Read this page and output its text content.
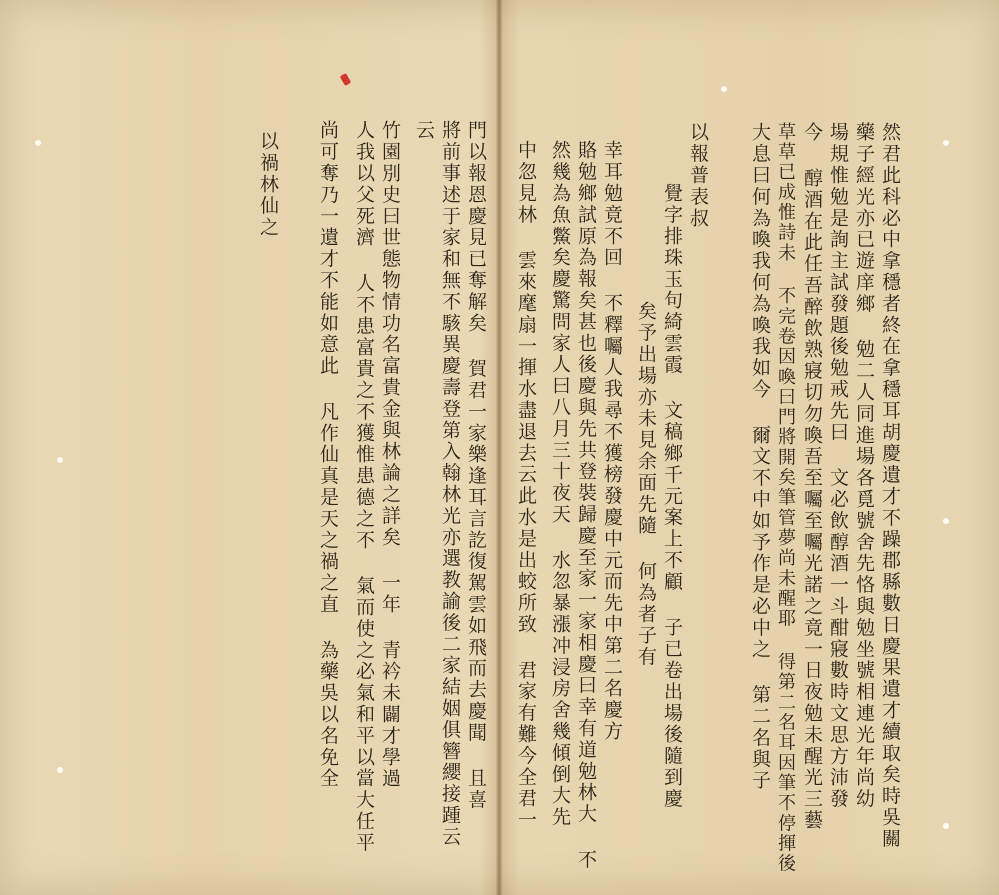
然君此科必中拿穩者終在拿穩耳胡慶遺才不躁郡縣數日慶果遺才續取矣時吳關
藥子經光亦已遊庠鄉 勉二人同進場各覓號舍先恪與勉坐號相連光年尚幼
場規惟勉是詢主試發題後勉戒先曰 文必飲醇酒一斗酣寢數時文思方沛發
今 醇酒在此任吾醉飲熟寢切勿喚吾至囑至囑光諾之竟一日夜勉未醒光三藝
草草已成惟詩未 不完卷因喚曰門將開矣筆管夢尚未醒耶 得第二名耳因筆不停揮後
大息曰何為喚我何為喚我如今 爾文不中如予作是必中之 第二名與子
以報普表叔
覺字排珠玉句綺雲霞 文稿鄉千元案上不顧 子已卷出場後隨到慶
矣予出場亦未見余面先隨 何為者子有
幸耳勉竟不回 不釋囑人我尋不獲榜發慶中元而先中第二名慶方
賂勉鄉試原為報矣甚也後慶與先共登裝歸慶至家一家相慶曰幸有道勉林大 不
然幾為魚鱉矣慶驚問家人曰八月三十夜天 水忽暴漲冲浸房舍幾傾倒大先
中忽見林 雲來麾扇一揮水盡退去云此水是出蛟所致 君家有難今全君一
門以報恩慶見已奪解矣 賀君一家樂逢耳言訖復駕雲如飛而去慶聞 且喜
將前事述于家和無不駭異慶壽登第入翰林光亦選教諭後二家結姻俱簪纓接踵云
云
竹園別史曰世態物情功名富貴金與林論之詳矣 一年 青衿未闢才學過
人我以父死濟 人不患富貴之不獲惟患德之不 氣而使之必氣和平以當大任平
尚可奪乃一遺才不能如意此 凡作仙真是天之禍之直 為藥吳以名免全
以禍林仙之
